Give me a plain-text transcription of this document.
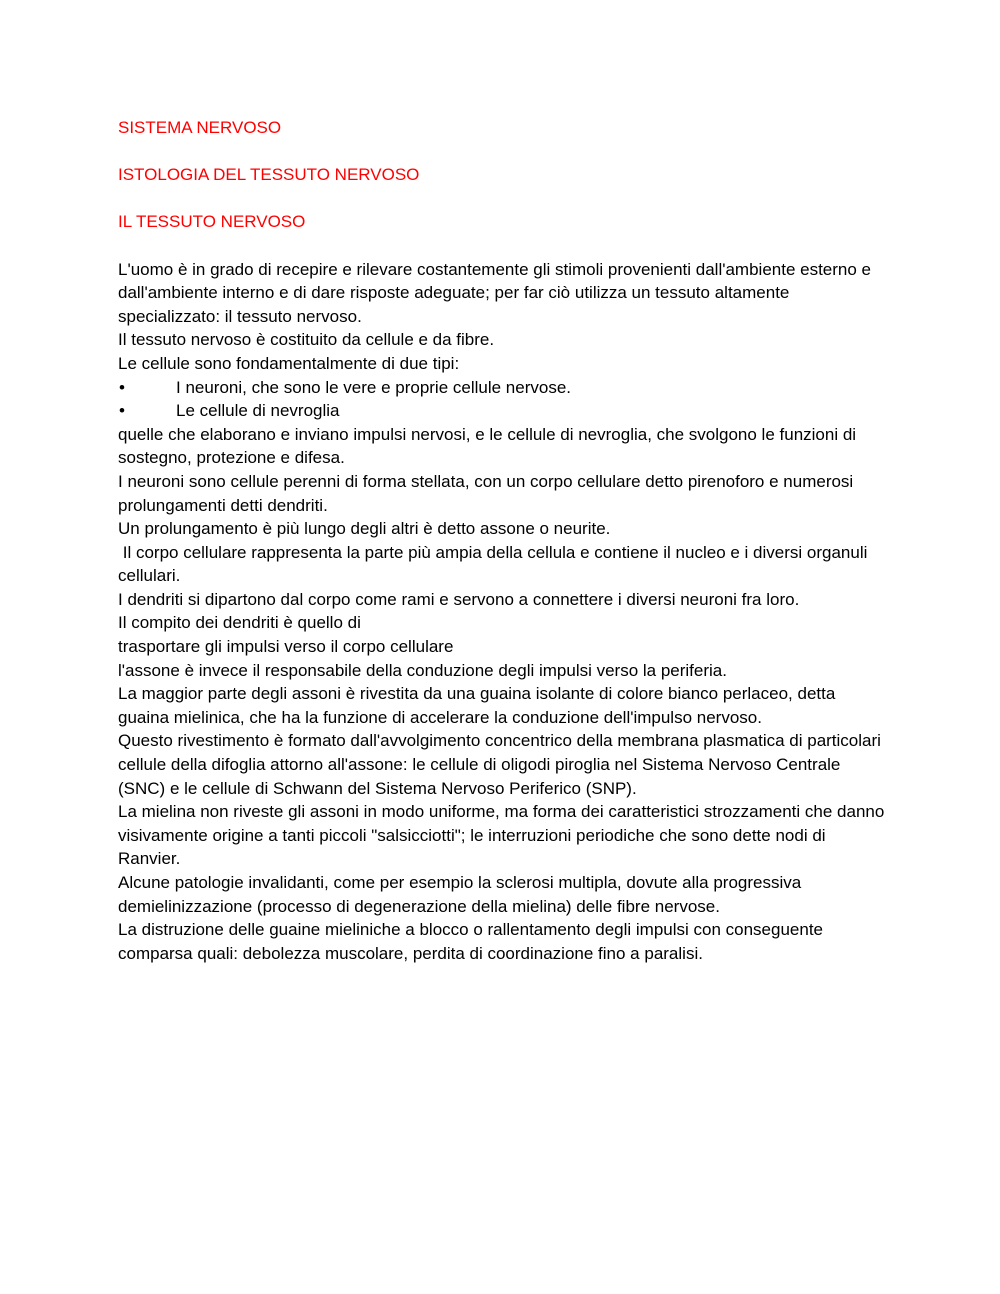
SISTEMA NERVOSO

ISTOLOGIA DEL TESSUTO NERVOSO

IL TESSUTO NERVOSO

L'uomo è in grado di recepire e rilevare costantemente gli stimoli provenienti dall'ambiente esterno e dall'ambiente interno e di dare risposte adeguate; per far ciò utilizza un tessuto altamente specializzato: il tessuto nervoso.

Il tessuto nervoso è costituito da cellule e da fibre.

Le cellule sono fondamentalmente di due tipi:

•	I neuroni, che sono le vere e proprie cellule nervose.
•	Le cellule di nevroglia

quelle che elaborano e inviano impulsi nervosi, e le cellule di nevroglia, che svolgono le funzioni di sostegno, protezione e difesa.

I neuroni sono cellule perenni di forma stellata, con un corpo cellulare detto pirenoforo e numerosi prolungamenti detti dendriti.

Un prolungamento è più lungo degli altri è detto assone o neurite.

Il corpo cellulare rappresenta la parte più ampia della cellula e contiene il nucleo e i diversi organuli cellulari.

I dendriti si dipartono dal corpo come rami e servono a connettere i diversi neuroni fra loro.

Il compito dei dendriti è quello di

trasportare gli impulsi verso il corpo cellulare

l'assone è invece il responsabile della conduzione degli impulsi verso la periferia.

La maggior parte degli assoni è rivestita da una guaina isolante di colore bianco perlaceo, detta guaina mielinica, che ha la funzione di accelerare la conduzione dell'impulso nervoso.

Questo rivestimento è formato dall'avvolgimento concentrico della membrana plasmatica di particolari cellule della difoglia attorno all'assone: le cellule di oligodi piroglia nel Sistema Nervoso Centrale (SNC) e le cellule di Schwann del Sistema Nervoso Periferico (SNP).

La mielina non riveste gli assoni in modo uniforme, ma forma dei caratteristici strozzamenti che danno visivamente origine a tanti piccoli "salsicciotti"; le interruzioni periodiche che sono dette nodi di Ranvier.

Alcune patologie invalidanti, come per esempio la sclerosi multipla, dovute alla progressiva demielinizzazione (processo di degenerazione della mielina) delle fibre nervose.

La distruzione delle guaine mieliniche a blocco o rallentamento degli impulsi con conseguente comparsa quali: debolezza muscolare, perdita di coordinazione fino a paralisi.
